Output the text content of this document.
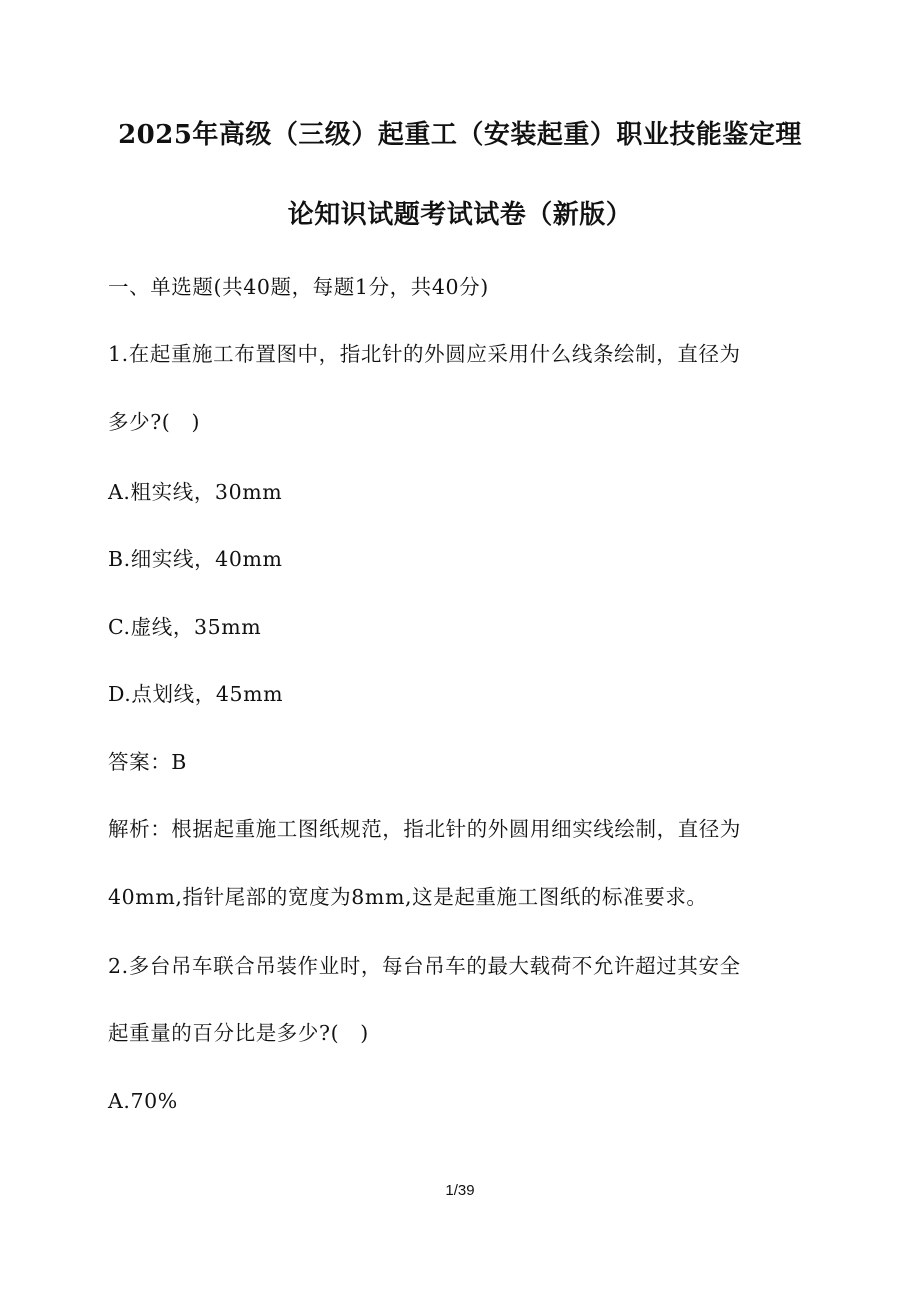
2025年高级（三级）起重工（安装起重）职业技能鉴定理
论知识试题考试试卷（新版）
一、单选题(共40题，每题1分，共40分)
1.在起重施工布置图中，指北针的外圆应采用什么线条绘制，直径为
多少?(　)
A.粗实线，30mm
B.细实线，40mm
C.虚线，35mm
D.点划线，45mm
答案：B
解析：根据起重施工图纸规范，指北针的外圆用细实线绘制，直径为
40mm,指针尾部的宽度为8mm,这是起重施工图纸的标准要求。
2.多台吊车联合吊装作业时，每台吊车的最大载荷不允许超过其安全
起重量的百分比是多少?(　)
A.70%
1/39
